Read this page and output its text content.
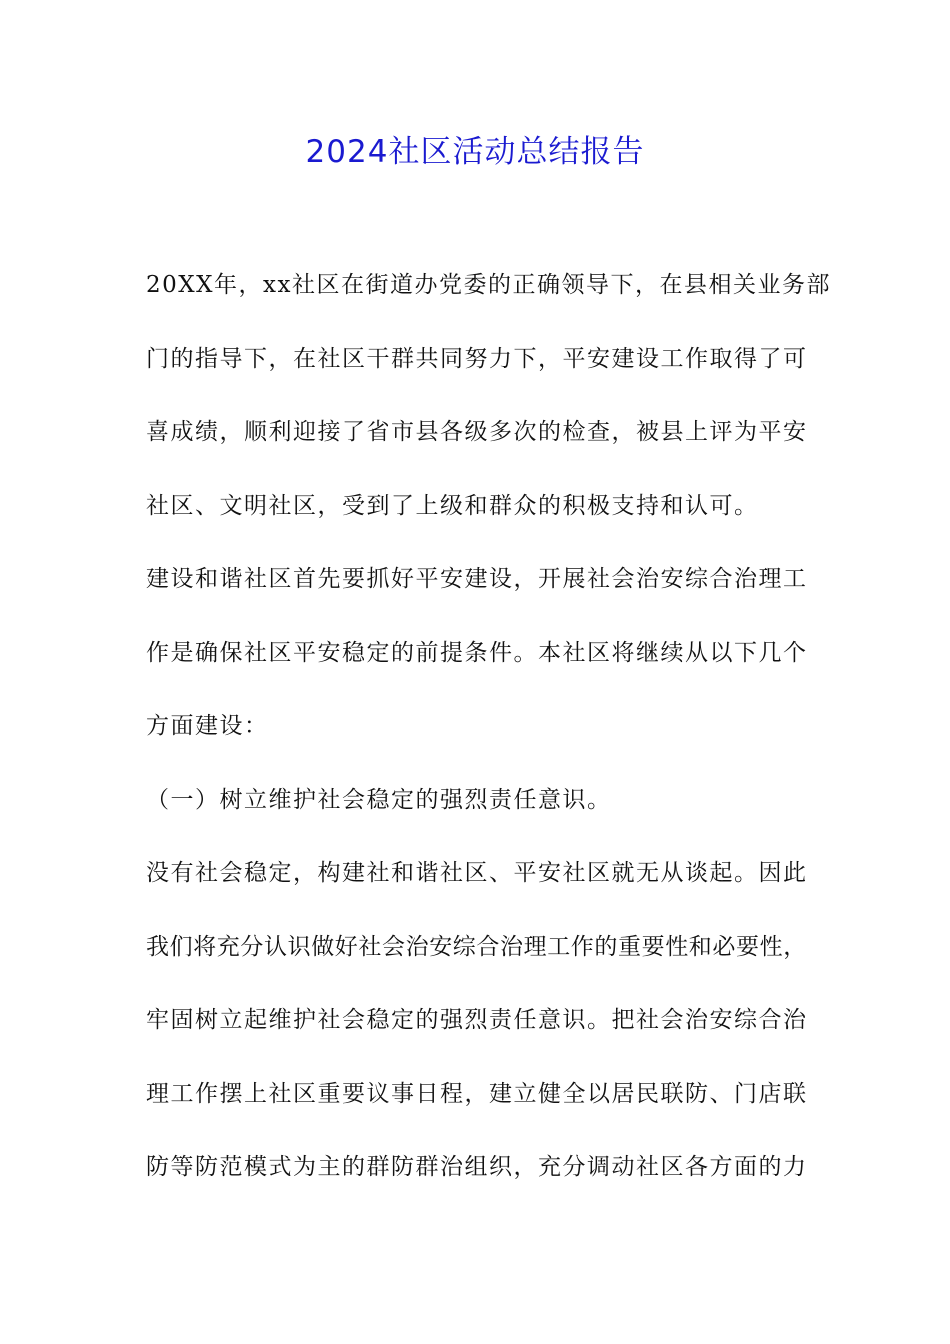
2024社区活动总结报告

20XX年，xx社区在街道办党委的正确领导下，在县相关业务部

门的指导下，在社区干群共同努力下，平安建设工作取得了可

喜成绩，顺利迎接了省市县各级多次的检查，被县上评为平安

社区、文明社区，受到了上级和群众的积极支持和认可。

建设和谐社区首先要抓好平安建设，开展社会治安综合治理工

作是确保社区平安稳定的前提条件。本社区将继续从以下几个

方面建设：

（一）树立维护社会稳定的强烈责任意识。

没有社会稳定，构建社和谐社区、平安社区就无从谈起。因此

我们将充分认识做好社会治安综合治理工作的重要性和必要性，

牢固树立起维护社会稳定的强烈责任意识。把社会治安综合治

理工作摆上社区重要议事日程，建立健全以居民联防、门店联

防等防范模式为主的群防群治组织，充分调动社区各方面的力
